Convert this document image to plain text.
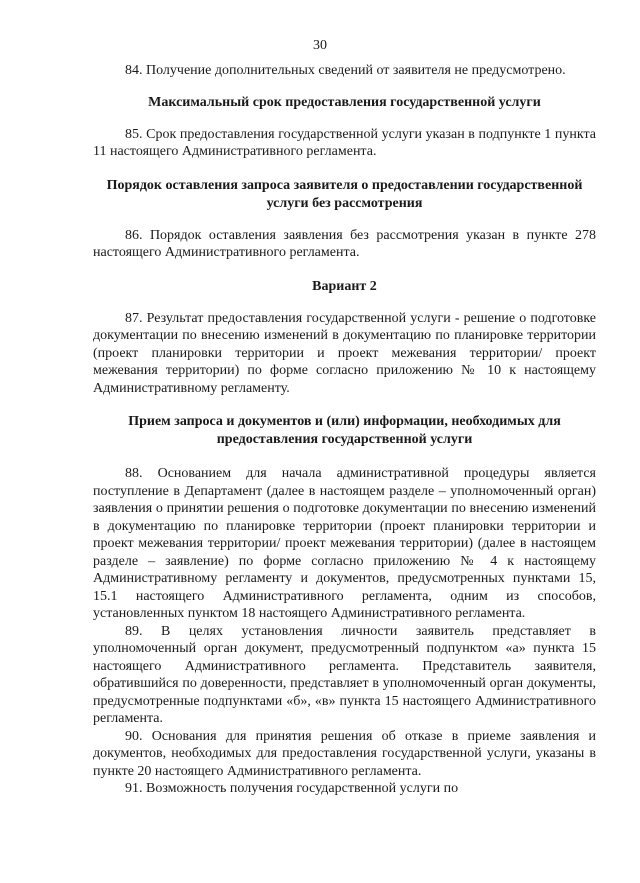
30

84. Получение дополнительных сведений от заявителя не предусмотрено.

Максимальный срок предоставления государственной услуги

85. Срок предоставления государственной услуги указан в подпункте 1 пункта 11 настоящего Административного регламента.

Порядок оставления запроса заявителя о предоставлении государственной услуги без рассмотрения

86. Порядок оставления заявления без рассмотрения указан в пункте 278 настоящего Административного регламента.

Вариант 2

87. Результат предоставления государственной услуги - решение о подготовке документации по внесению изменений в документацию по планировке территории (проект планировки территории и проект межевания территории/ проект межевания территории) по форме согласно приложению № 10 к настоящему Административному регламенту.

Прием запроса и документов и (или) информации, необходимых для предоставления государственной услуги

88. Основанием для начала административной процедуры является поступление в Департамент (далее в настоящем разделе – уполномоченный орган) заявления о принятии решения о подготовке документации по внесению изменений в документацию по планировке территории (проект планировки территории и проект межевания территории/ проект межевания территории) (далее в настоящем разделе – заявление) по форме согласно приложению № 4 к настоящему Административному регламенту и документов, предусмотренных пунктами 15, 15.1 настоящего Административного регламента, одним из способов, установленных пунктом 18 настоящего Административного регламента.

89. В целях установления личности заявитель представляет в уполномоченный орган документ, предусмотренный подпунктом «а» пункта 15 настоящего Административного регламента. Представитель заявителя, обратившийся по доверенности, представляет в уполномоченный орган документы, предусмотренные подпунктами «б», «в» пункта 15 настоящего Административного регламента.

90. Основания для принятия решения об отказе в приеме заявления и документов, необходимых для предоставления государственной услуги, указаны в пункте 20 настоящего Административного регламента.

91. Возможность получения государственной услуги по
